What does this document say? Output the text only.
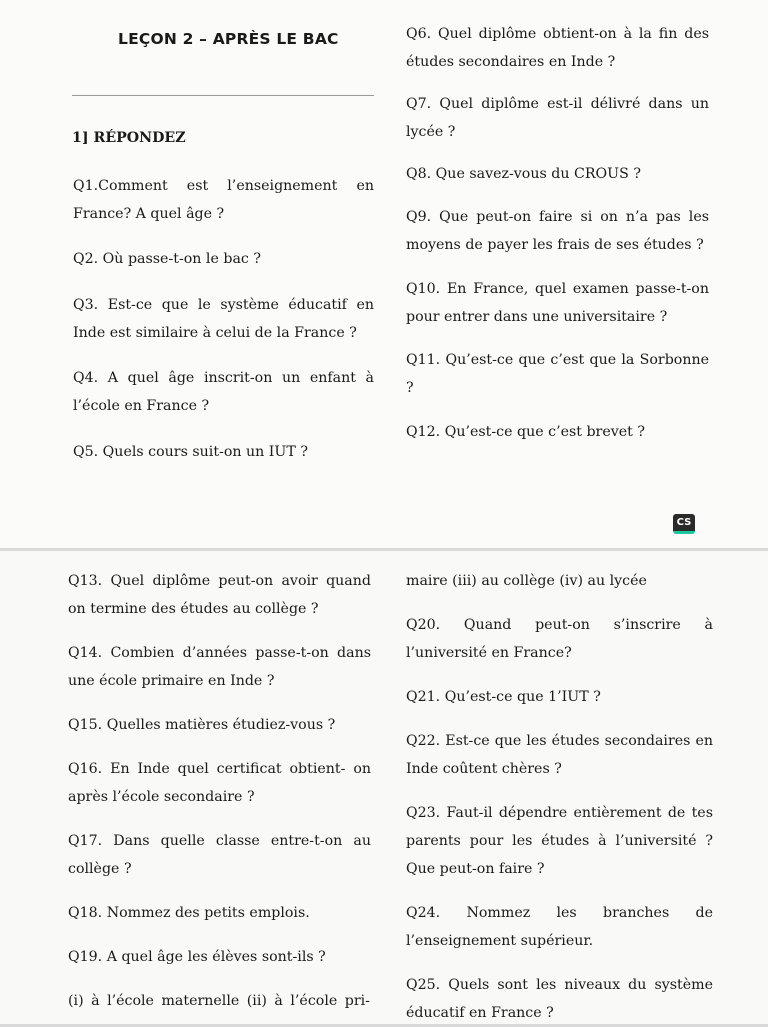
LEÇON 2 – APRÈS LE BAC
1] RÉPONDEZ

Q1.Comment est l’enseignement en France? A quel âge ?

Q2. Où passe-t-on le bac ?

Q3. Est-ce que le système éducatif en Inde est similaire à celui de la France ?

Q4. A quel âge inscrit-on un enfant à l’école en France ?

Q5. Quels cours suit-on un IUT ?

Q6. Quel diplôme obtient-on à la fin des études secondaires en Inde ?

Q7. Quel diplôme est-il délivré dans un lycée ?

Q8. Que savez-vous du CROUS ?

Q9. Que peut-on faire si on n’a pas les moyens de payer les frais de ses études ?

Q10. En France, quel examen passe-t-on pour entrer dans une universitaire ?

Q11. Qu’est-ce que c’est que la Sorbonne ?

Q12. Qu’est-ce que c’est brevet ?

CS

Q13. Quel diplôme peut-on avoir quand on termine des études au collège ?

Q14. Combien d’années passe-t-on dans une école primaire en Inde ?

Q15. Quelles matières étudiez-vous ?

Q16. En Inde quel certificat obtient- on après l’école secondaire ?

Q17. Dans quelle classe entre-t-on au collège ?

Q18. Nommez des petits emplois.

Q19. A quel âge les élèves sont-ils ?

(i) à l’école maternelle (ii) à l’école pri-

maire (iii) au collège (iv) au lycée

Q20. Quand peut-on s’inscrire à l’université en France?

Q21. Qu’est-ce que 1’IUT ?

Q22. Est-ce que les études secondaires en Inde coûtent chères ?

Q23. Faut-il dépendre entièrement de tes parents pour les études à l’université ? Que peut-on faire ?

Q24. Nommez les branches de l’enseignement supérieur.

Q25. Quels sont les niveaux du système éducatif en France ?
